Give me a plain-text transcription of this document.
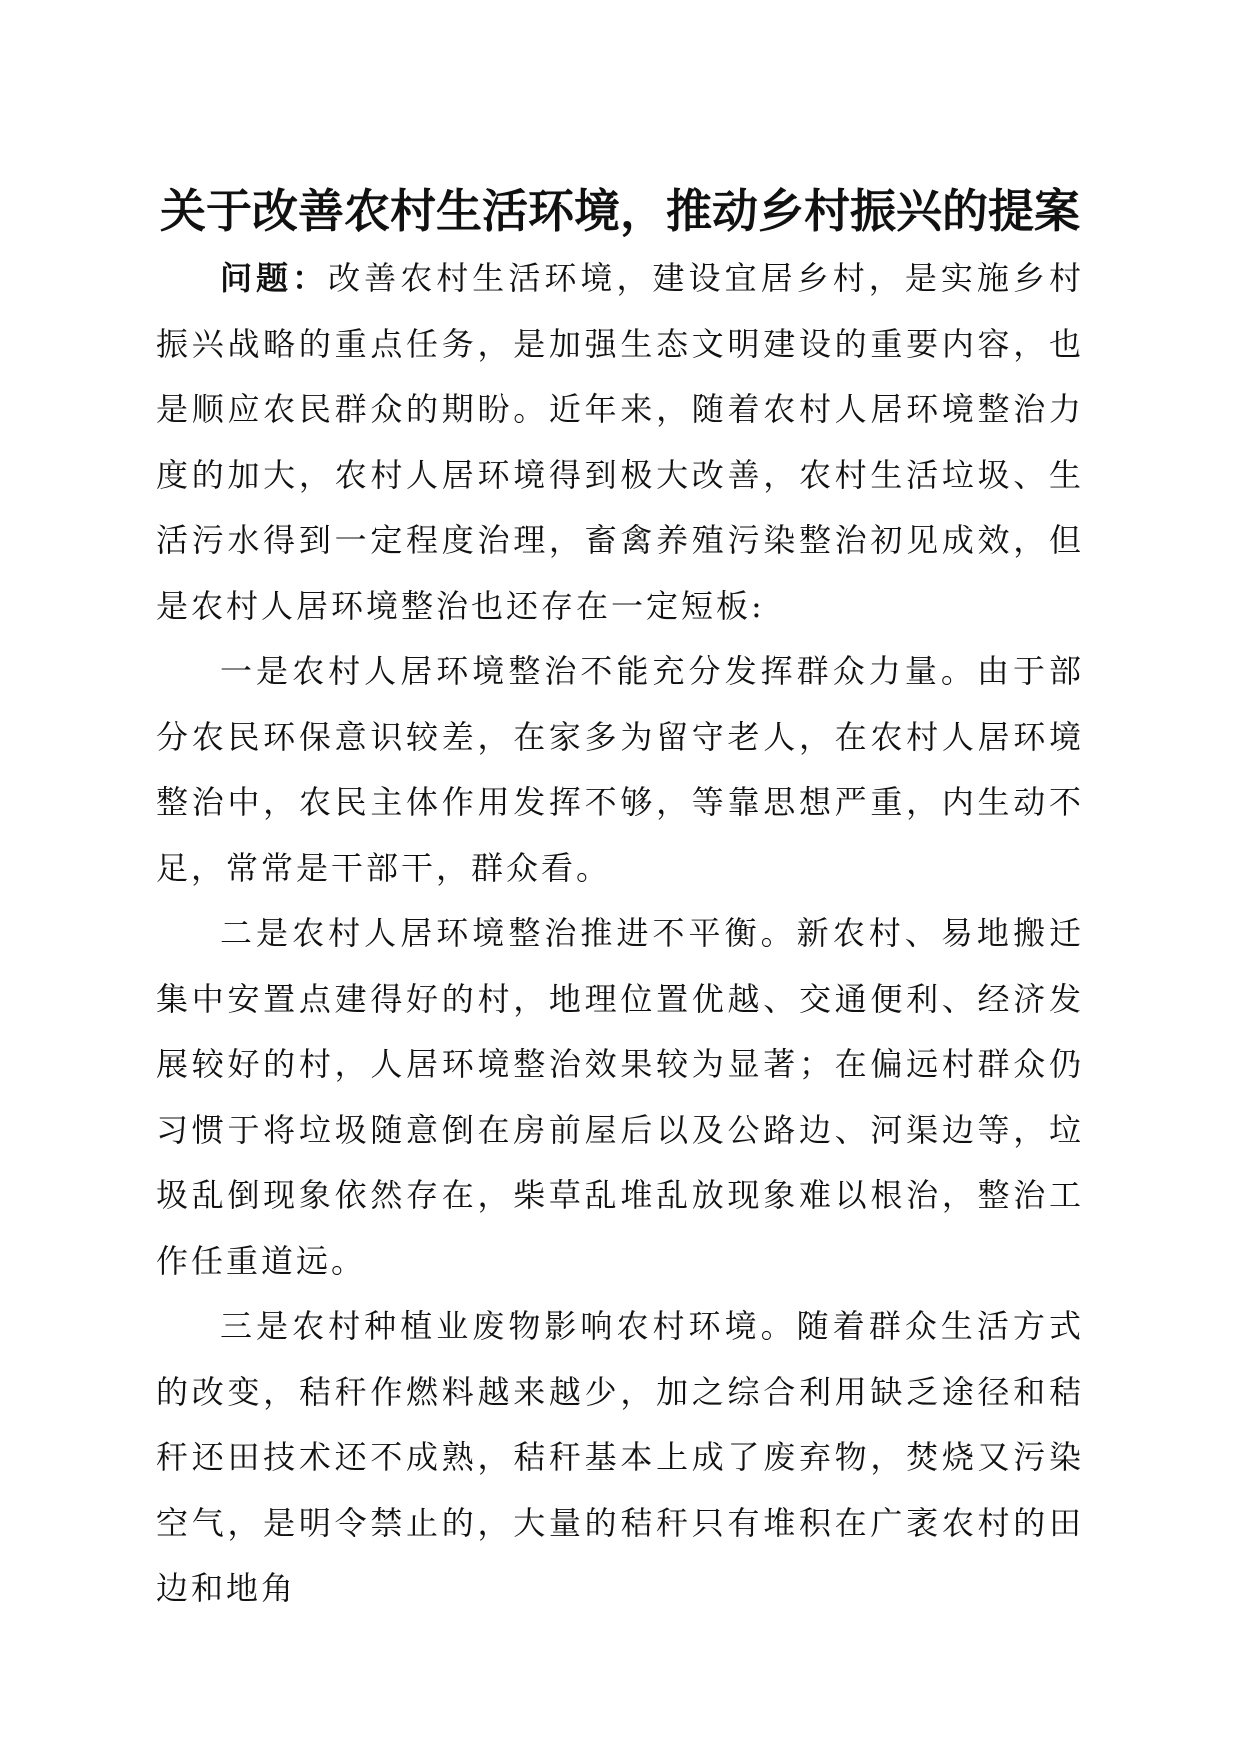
关于改善农村生活环境，推动乡村振兴的提案

问题：改善农村生活环境，建设宜居乡村，是实施乡村振兴战略的重点任务，是加强生态文明建设的重要内容，也是顺应农民群众的期盼。近年来，随着农村人居环境整治力度的加大，农村人居环境得到极大改善，农村生活垃圾、生活污水得到一定程度治理，畜禽养殖污染整治初见成效，但是农村人居环境整治也还存在一定短板:

一是农村人居环境整治不能充分发挥群众力量。由于部分农民环保意识较差，在家多为留守老人，在农村人居环境整治中，农民主体作用发挥不够，等靠思想严重，内生动不足，常常是干部干，群众看。

二是农村人居环境整治推进不平衡。新农村、易地搬迁集中安置点建得好的村，地理位置优越、交通便利、经济发展较好的村，人居环境整治效果较为显著；在偏远村群众仍习惯于将垃圾随意倒在房前屋后以及公路边、河渠边等，垃圾乱倒现象依然存在，柴草乱堆乱放现象难以根治，整治工作任重道远。

三是农村种植业废物影响农村环境。随着群众生活方式的改变，秸秆作燃料越来越少，加之综合利用缺乏途径和秸秆还田技术还不成熟，秸秆基本上成了废弃物，焚烧又污染空气，是明令禁止的，大量的秸秆只有堆积在广袤农村的田边和地角
